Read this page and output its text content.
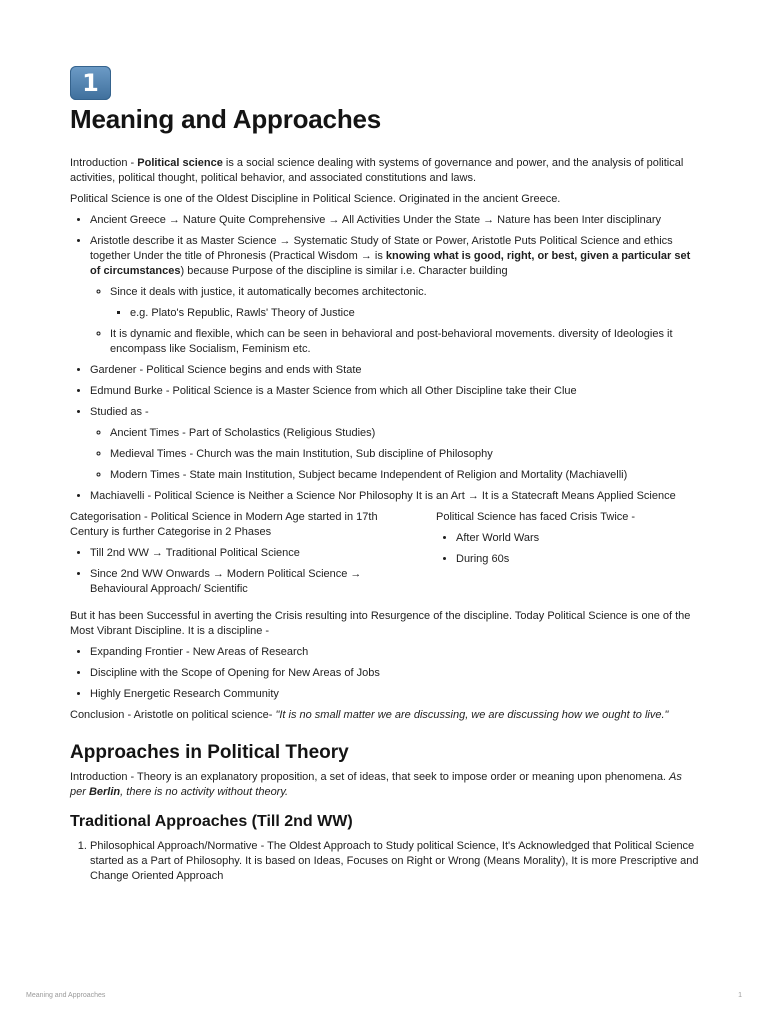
1
Meaning and Approaches

Introduction - Political science is a social science dealing with systems of governance and power, and the analysis of political activities, political thought, political behavior, and associated constitutions and laws.

Political Science is one of the Oldest Discipline in Political Science. Originated in the ancient Greece.

• Ancient Greece → Nature Quite Comprehensive → All Activities Under the State → Nature has been Inter disciplinary
• Aristotle describe it as Master Science → Systematic Study of State or Power, Aristotle Puts Political Science and ethics together Under the title of Phronesis (Practical Wisdom → is knowing what is good, right, or best, given a particular set of circumstances) because Purpose of the discipline is similar i.e. Character building
◦ Since it deals with justice, it automatically becomes architectonic.
▪ e.g. Plato's Republic, Rawls' Theory of Justice
◦ It is dynamic and flexible, which can be seen in behavioral and post-behavioral movements. diversity of Ideologies it encompass like Socialism, Feminism etc.
• Gardener - Political Science begins and ends with State
• Edmund Burke - Political Science is a Master Science from which all Other Discipline take their Clue
• Studied as -
◦ Ancient Times - Part of Scholastics (Religious Studies)
◦ Medieval Times - Church was the main Institution, Sub discipline of Philosophy
◦ Modern Times - State main Institution, Subject became Independent of Religion and Mortality (Machiavelli)
• Machiavelli - Political Science is Neither a Science Nor Philosophy It is an Art → It is a Statecraft Means Applied Science

Categorisation - Political Science in Modern Age started in 17th Century is further Categorise in 2 Phases

• Till 2nd WW → Traditional Political Science
• Since 2nd WW Onwards → Modern Political Science → Behavioural Approach/ Scientific

Political Science has faced Crisis Twice -

• After World Wars
• During 60s

But it has been Successful in averting the Crisis resulting into Resurgence of the discipline. Today Political Science is one of the Most Vibrant Discipline. It is a discipline -

• Expanding Frontier - New Areas of Research
• Discipline with the Scope of Opening for New Areas of Jobs
• Highly Energetic Research Community

Conclusion - Aristotle on political science- "It is no small matter we are discussing, we are discussing how we ought to live."

Approaches in Political Theory

Introduction - Theory is an explanatory proposition, a set of ideas, that seek to impose order or meaning upon phenomena. As per Berlin, there is no activity without theory.

Traditional Approaches (Till 2nd WW)
1. Philosophical Approach/Normative - The Oldest Approach to Study political Science, It's Acknowledged that Political Science started as a Part of Philosophy. It is based on Ideas, Focuses on Right or Wrong (Means Morality), It is more Prescriptive and Change Oriented Approach
Meaning and Approaches	1
